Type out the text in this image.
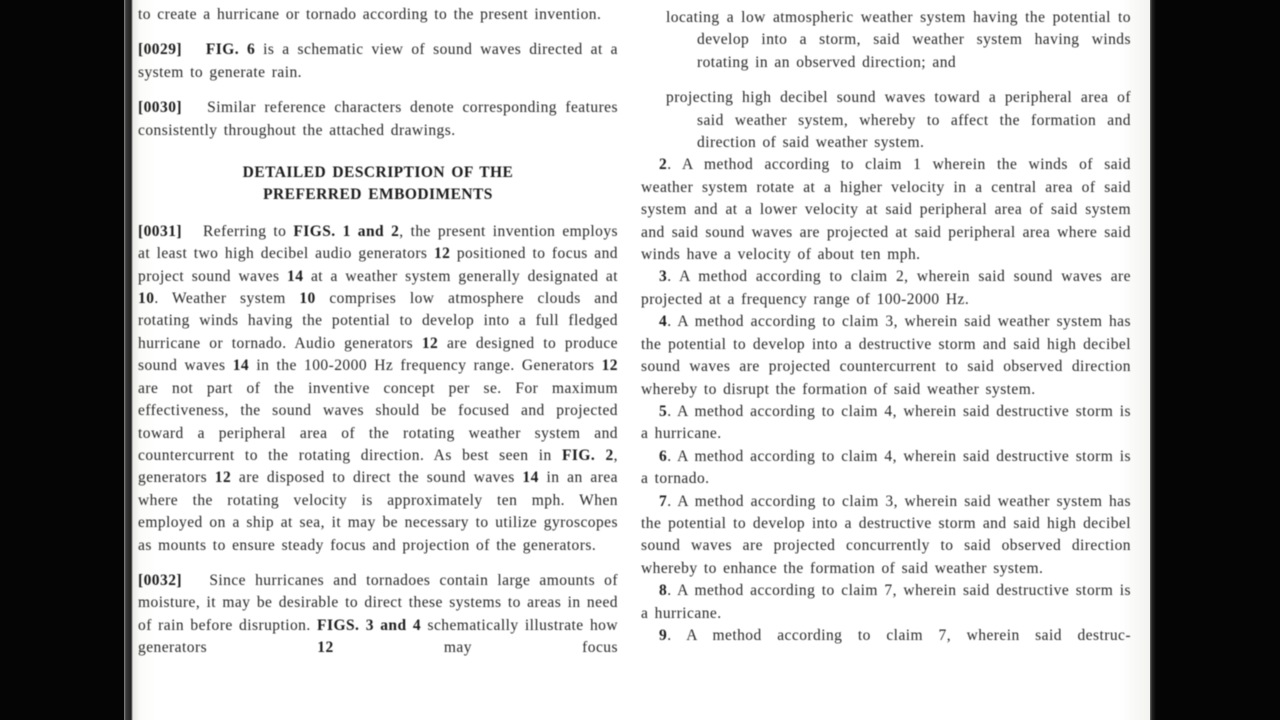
to create a hurricane or tornado according to the present invention.

[0029] FIG. 6 is a schematic view of sound waves directed at a system to generate rain.

[0030]   Similar reference characters denote corresponding features consistently throughout the attached drawings.

DETAILED DESCRIPTION OF THE
PREFERRED EMBODIMENTS

[0031]   Referring to FIGS. 1 and 2, the present invention employs at least two high decibel audio generators 12 positioned to focus and project sound waves 14 at a weather system generally designated at 10. Weather system 10 comprises low atmosphere clouds and rotating winds having the potential to develop into a full fledged hurricane or tornado. Audio generators 12 are designed to produce sound waves 14 in the 100-2000 Hz frequency range. Generators 12 are not part of the inventive concept per se. For maximum effectiveness, the sound waves should be focused and projected toward a peripheral area of the rotating weather system and countercurrent to the rotating direction. As best seen in FIG. 2, generators 12 are disposed to direct the sound waves 14 in an area where the rotating velocity is approximately ten mph. When employed on a ship at sea, it may be necessary to utilize gyroscopes as mounts to ensure steady focus and projection of the generators.

[0032]   Since hurricanes and tornadoes contain large amounts of moisture, it may be desirable to direct these systems to areas in need of rain before disruption. FIGS. 3 and 4 schematically illustrate how generators 12 may focus

locating a low atmospheric weather system having the potential to develop into a storm, said weather system having winds rotating in an observed direction; and

projecting high decibel sound waves toward a peripheral area of said weather system, whereby to affect the formation and direction of said weather system.

2. A method according to claim 1 wherein the winds of said weather system rotate at a higher velocity in a central area of said system and at a lower velocity at said peripheral area of said system and said sound waves are projected at said peripheral area where said winds have a velocity of about ten mph.

3. A method according to claim 2, wherein said sound waves are projected at a frequency range of 100-2000 Hz.

4. A method according to claim 3, wherein said weather system has the potential to develop into a destructive storm and said high decibel sound waves are projected countercurrent to said observed direction whereby to disrupt the formation of said weather system.

5. A method according to claim 4, wherein said destructive storm is a hurricane.

6. A method according to claim 4, wherein said destructive storm is a tornado.

7. A method according to claim 3, wherein said weather system has the potential to develop into a destructive storm and said high decibel sound waves are projected concurrently to said observed direction whereby to enhance the formation of said weather system.

8. A method according to claim 7, wherein said destructive storm is a hurricane.

9. A method according to claim 7, wherein said destruc-
